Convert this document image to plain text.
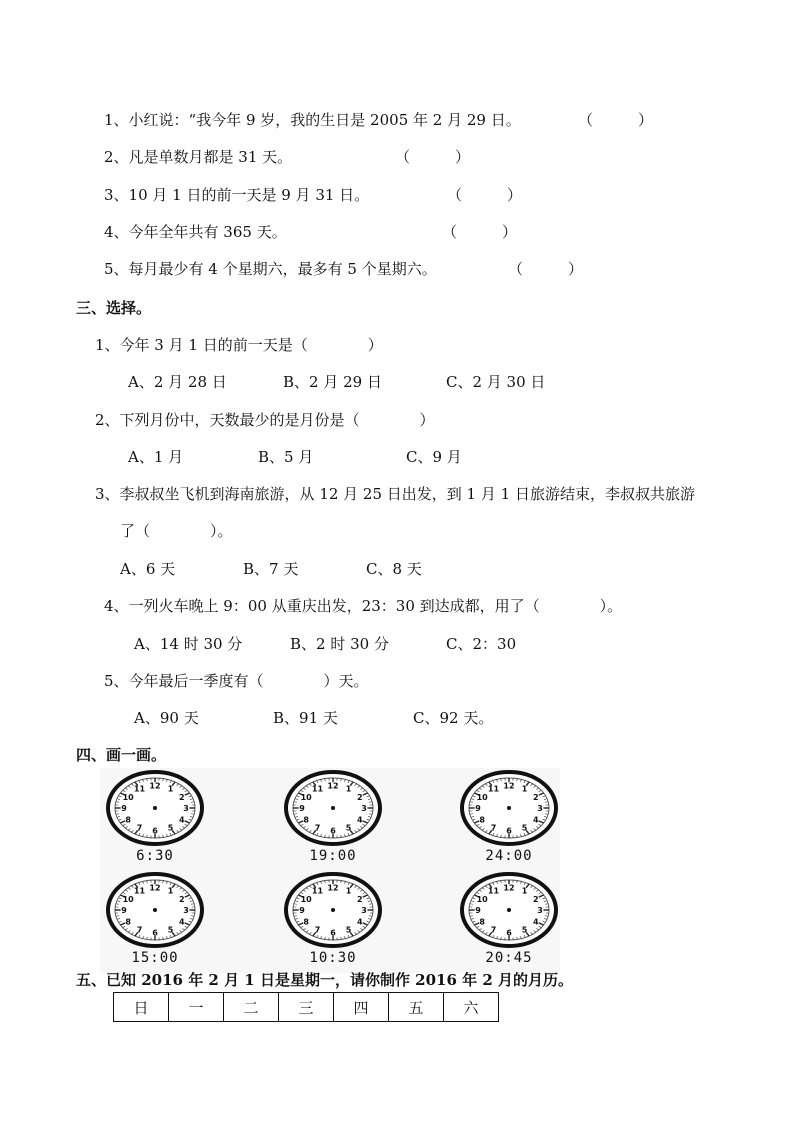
1、小红说：“我今年 9 岁，我的生日是 2005 年 2 月 29 日。	（　　　）
2、凡是单数月都是 31 天。	（　　　）
3、10 月 1 日的前一天是 9 月 31 日。	（　　　）
4、今年全年共有 365 天。	（　　　）
5、每月最少有 4 个星期六，最多有 5 个星期六。	（　　　）
三、选择。
1、今年 3 月 1 日的前一天是（　　　　）
A、2 月 28 日	B、2 月 29 日	C、2 月 30 日
2、下列月份中，天数最少的是月份是（　　　　）
A、1 月	B、5 月	C、9 月
3、李叔叔坐飞机到海南旅游，从 12 月 25 日出发，到 1 月 1 日旅游结束，李叔叔共旅游
了（　　　　）。
A、6 天	B、7 天	C、8 天
4、一列火车晚上 9：00 从重庆出发，23：30 到达成都，用了（　　　　）。
A、14 时 30 分	B、2 时 30 分	C、2：30
5、今年最后一季度有（　　　　）天。
A、90 天	B、91 天	C、92 天。
四、画一画。
12 1
2
3
4
5
6
7
8
9
10
11
6:30
12 1
2
3
4
5
6
7
8
9
10
11
19:00
12 1
2
3
4
5
6
7
8
9
10
11
24:00
12 1
2
3
4
5
6
7
8
9
10
11
15:00
12 1
2
3
4
5
6
7
8
9
10
11
10:30
12 1
2
3
4
5
6
7
8
9
10
11
20:45
五、已知 2016 年 2 月 1 日是星期一，请你制作 2016 年 2 月的月历。
日	一	二	三	四	五	六
